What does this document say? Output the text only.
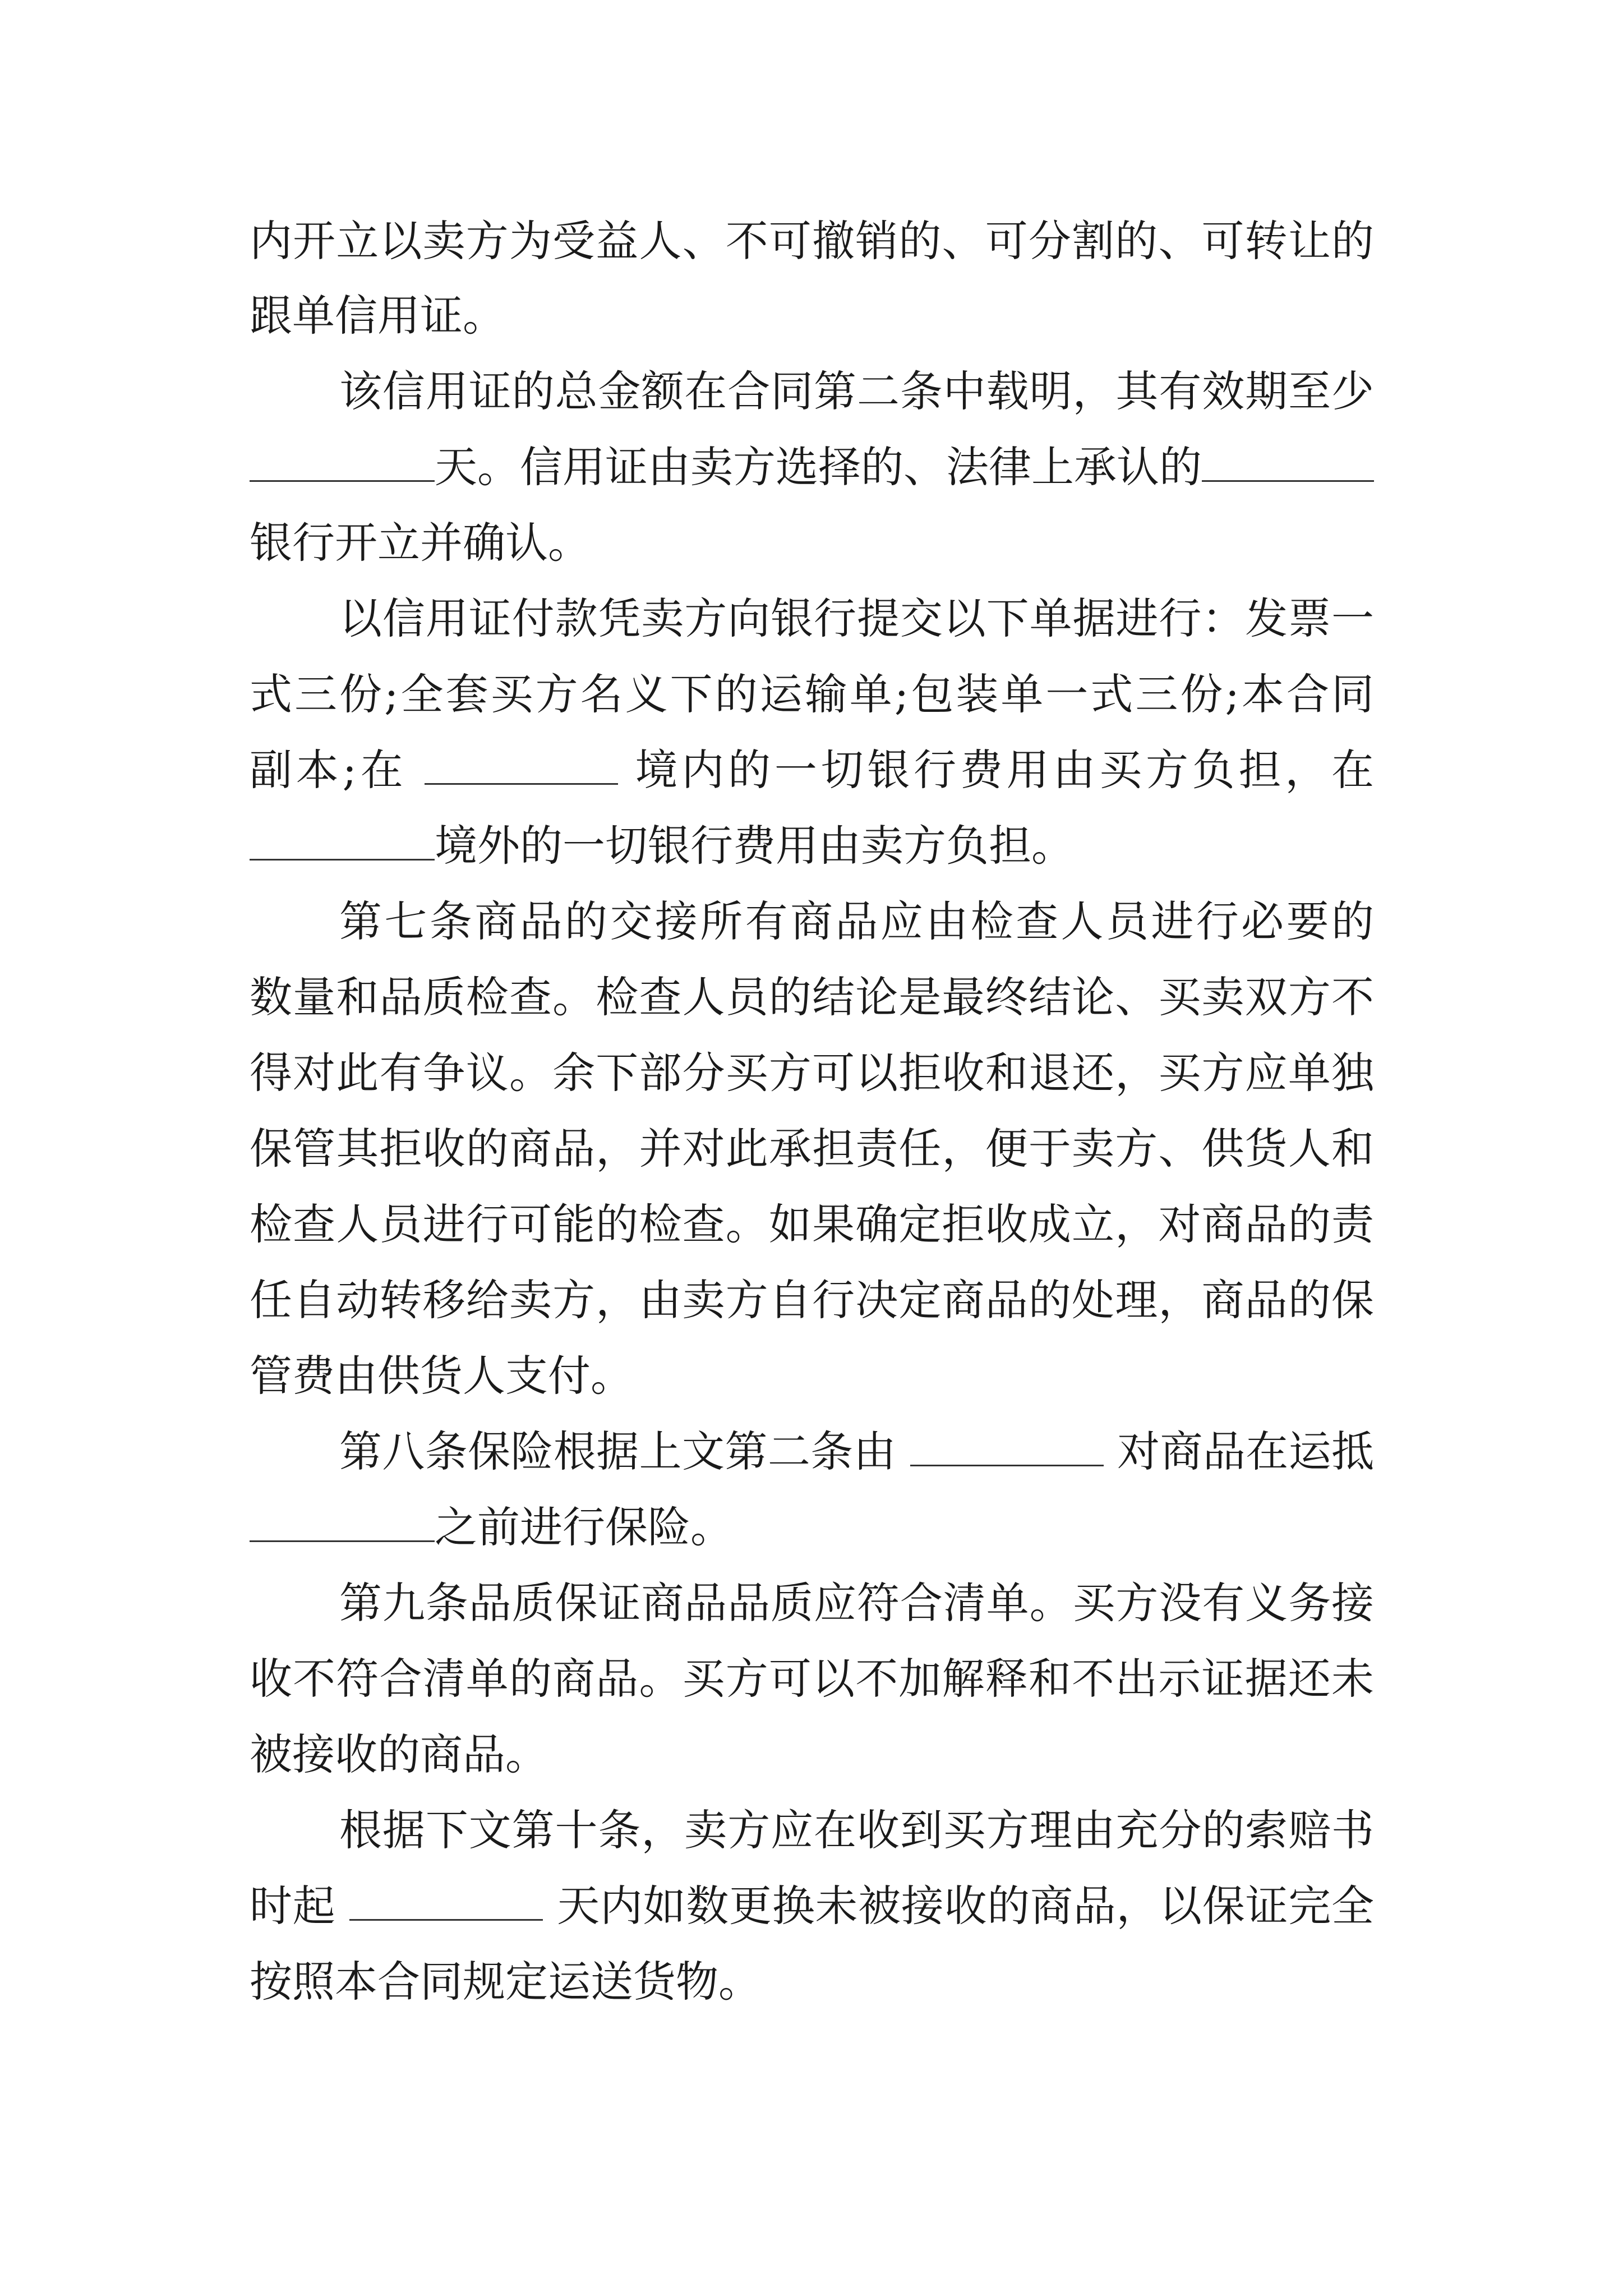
内开立以卖方为受益人、不可撤销的、可分割的、可转让的
跟单信用证。
该信用证的总金额在合同第二条中载明，其有效期至少
天。信用证由卖方选择的、法律上承认的
银行开立并确认。
以信用证付款凭卖方向银行提交以下单据进行：发票一
式三份;全套买方名义下的运输单;包装单一式三份;本合同
副本;在	境内的一切银行费用由买方负担，在
境外的一切银行费用由卖方负担。
第七条商品的交接所有商品应由检查人员进行必要的
数量和品质检查。检查人员的结论是最终结论、买卖双方不
得对此有争议。余下部分买方可以拒收和退还，买方应单独
保管其拒收的商品，并对此承担责任，便于卖方、供货人和
检查人员进行可能的检查。如果确定拒收成立，对商品的责
任自动转移给卖方，由卖方自行决定商品的处理，商品的保
管费由供货人支付。
第八条保险根据上文第二条由	对商品在运抵
之前进行保险。
第九条品质保证商品品质应符合清单。买方没有义务接
收不符合清单的商品。买方可以不加解释和不出示证据还未
被接收的商品。
根据下文第十条，卖方应在收到买方理由充分的索赔书
时起	天内如数更换未被接收的商品，以保证完全
按照本合同规定运送货物。
